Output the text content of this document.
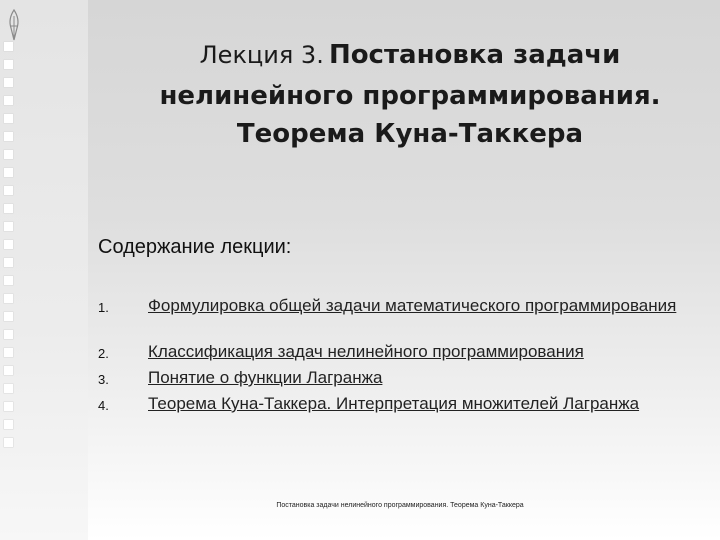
Лекция 3. Постановка задачи
нелинейного программирования.
Теорема Куна-Таккера
Содержание лекции:
1.	Формулировка общей задачи математического программирования
2.	Классификация задач нелинейного программирования
3.	Понятие о функции Лагранжа
4.	Теорема Куна-Таккера. Интерпретация множителей Лагранжа
Постановка задачи нелинейного программирования. Теорема Куна-Таккера
